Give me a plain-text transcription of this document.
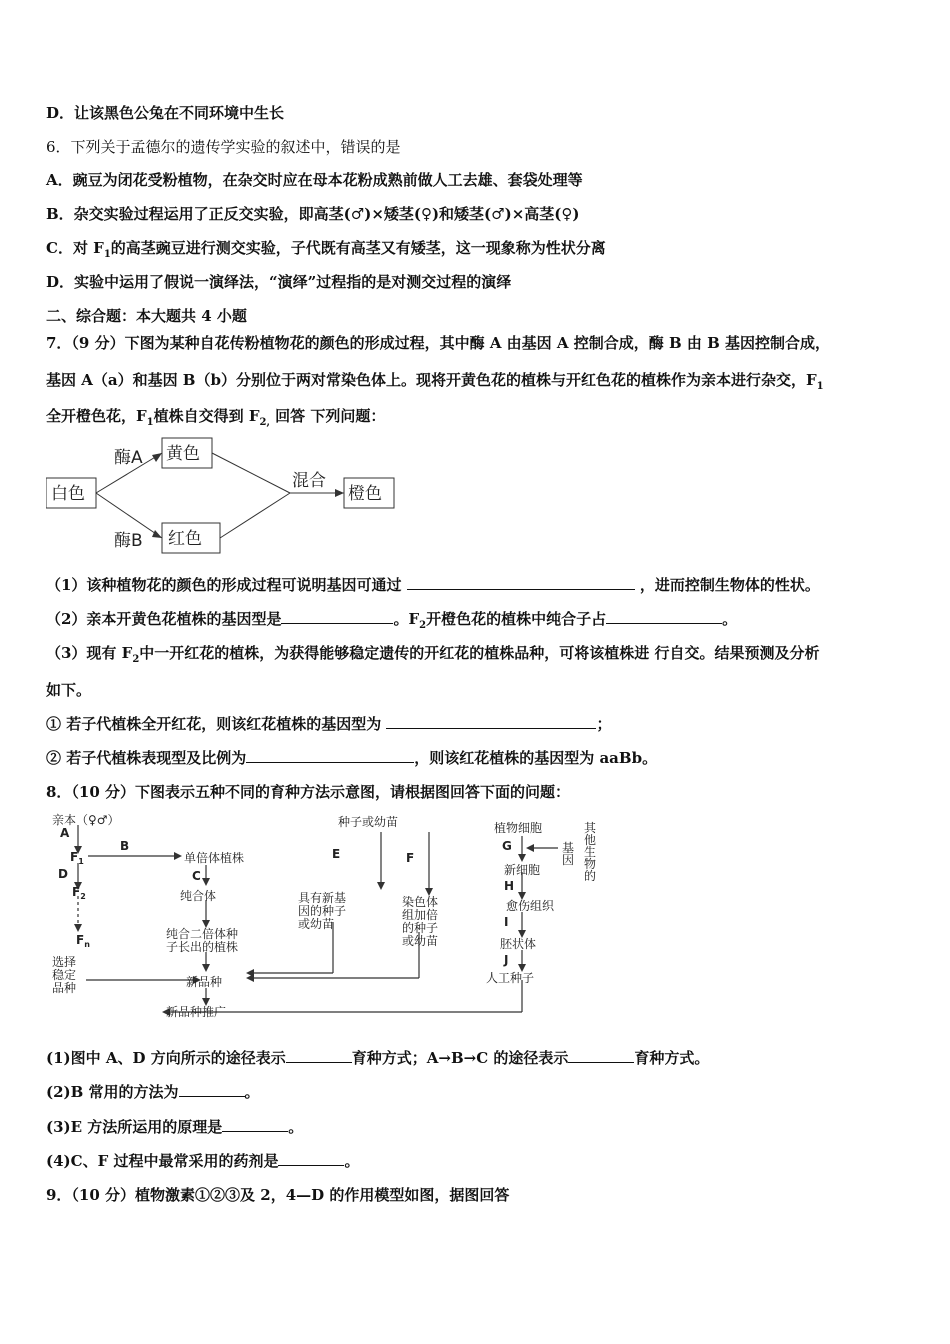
D．让该黑色公兔在不同环境中生长
6．下列关于孟德尔的遗传学实验的叙述中，错误的是
A．豌豆为闭花受粉植物，在杂交时应在母本花粉成熟前做人工去雄、套袋处理等
B．杂交实验过程运用了正反交实验，即高茎(♂)×矮茎(♀)和矮茎(♂)×高茎(♀)
C．对 $F_1$的高茎豌豆进行测交实验，子代既有高茎又有矮茎，这一现象称为性状分离
D．实验中运用了假说一演绎法，“演绎”过程指的是对测交过程的演绎
二、综合题：本大题共 4 小题
7．（9 分）下图为某种自花传粉植物花的颜色的形成过程，其中酶 A 由基因 A 控制合成，酶 B 由 B 基因控制合成，
基因 A（a）和基因 B（b）分别位于两对常染色体上。现将开黄色花的植株与开红色花的植株作为亲本进行杂交，$F_1$
全开橙色花，$F_1$植株自交得到 $F_{2,}$ 回答 下列问题：
白色
黄色
红色
橙色
酶A
酶B
混合
（1）该种植物花的颜色的形成过程可说明基因可通过	，进而控制生物体的性状。
（2）亲本开黄色花植株的基因型是	。$F_2$开橙色花的植株中纯合子占	。
（3）现有 $F_2$中一开红花的植株，为获得能够稳定遗传的开红花的植株品种，可将该植株进 行自交。结果预测及分析
如下。
① 若子代植株全开红花，则该红花植株的基因型为	；
② 若子代植株表现型及比例为	，则该红花植株的基因型为 aaBb。
8．（10 分）下图表示五种不同的育种方法示意图，请根据图回答下面的问题：
亲本（♀♂）
A
$F_1$
D
B
$F_2$
$F_n$
选择
稳定
品种
单倍体植株
C
纯合体
纯合二倍体种
子长出的植株
新品种
新品种推广
种子或幼苗
E	F
具有新基
因的种子
或幼苗
染色体
组加倍
的种子
或幼苗
植物细胞	其
他
生
物
的
基
因
G
新细胞
H
愈伤组织
I
胚状体
J
人工种子
(1)图中 A、D 方向所示的途径表示	育种方式；A→B→C 的途径表示	育种方式。
(2)B 常用的方法为	。
(3)E 方法所运用的原理是	。
(4)C、F 过程中最常采用的药剂是	。
9．（10 分）植物激素①②③及 2，4—D 的作用模型如图，据图回答
